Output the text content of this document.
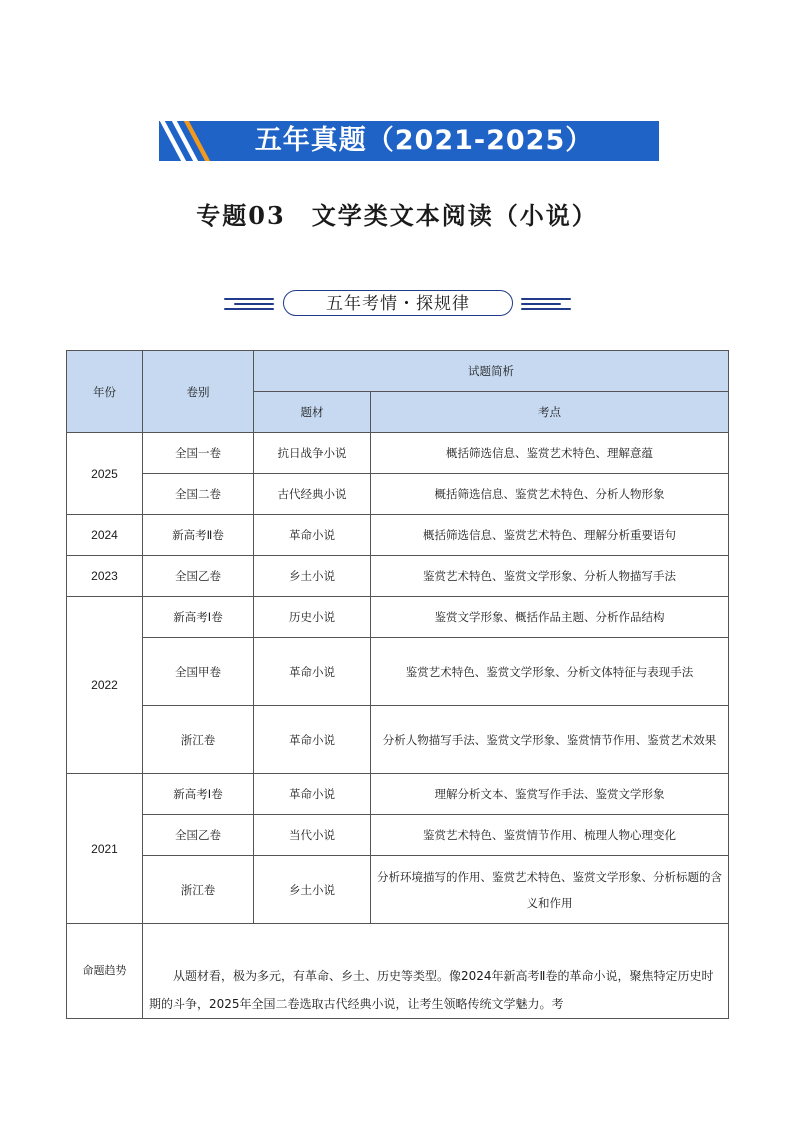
五年真题（2021-2025）
专题03　文学类文本阅读（小说）
五年考情・探规律
年份	卷别	试题简析	
		题材	考点
2025	全国一卷	抗日战争小说	概括筛选信息、鉴赏艺术特色、理解意蕴
	全国二卷	古代经典小说	概括筛选信息、鉴赏艺术特色、分析人物形象
2024	新高考Ⅱ卷	革命小说	概括筛选信息、鉴赏艺术特色、理解分析重要语句
2023	全国乙卷	乡土小说	鉴赏艺术特色、鉴赏文学形象、分析人物描写手法
2022	新高考Ⅰ卷	历史小说	鉴赏文学形象、概括作品主题、分析作品结构
	全国甲卷	革命小说	鉴赏艺术特色、鉴赏文学形象、分析文体特征与表现手法
	浙江卷	革命小说	分析人物描写手法、鉴赏文学形象、鉴赏情节作用、鉴赏艺术效果
2021	新高考Ⅰ卷	革命小说	理解分析文本、鉴赏写作手法、鉴赏文学形象
	全国乙卷	当代小说	鉴赏艺术特色、鉴赏情节作用、梳理人物心理变化
	浙江卷	乡土小说	分析环境描写的作用、鉴赏艺术特色、鉴赏文学形象、分析标题的含义和作用
命题趋势	从题材看，极为多元，有革命、乡土、历史等类型。像2024年新高考Ⅱ卷的革命小说，聚焦特定历史时期的斗争，2025年全国二卷选取古代经典小说，让考生领略传统文学魅力。考		
